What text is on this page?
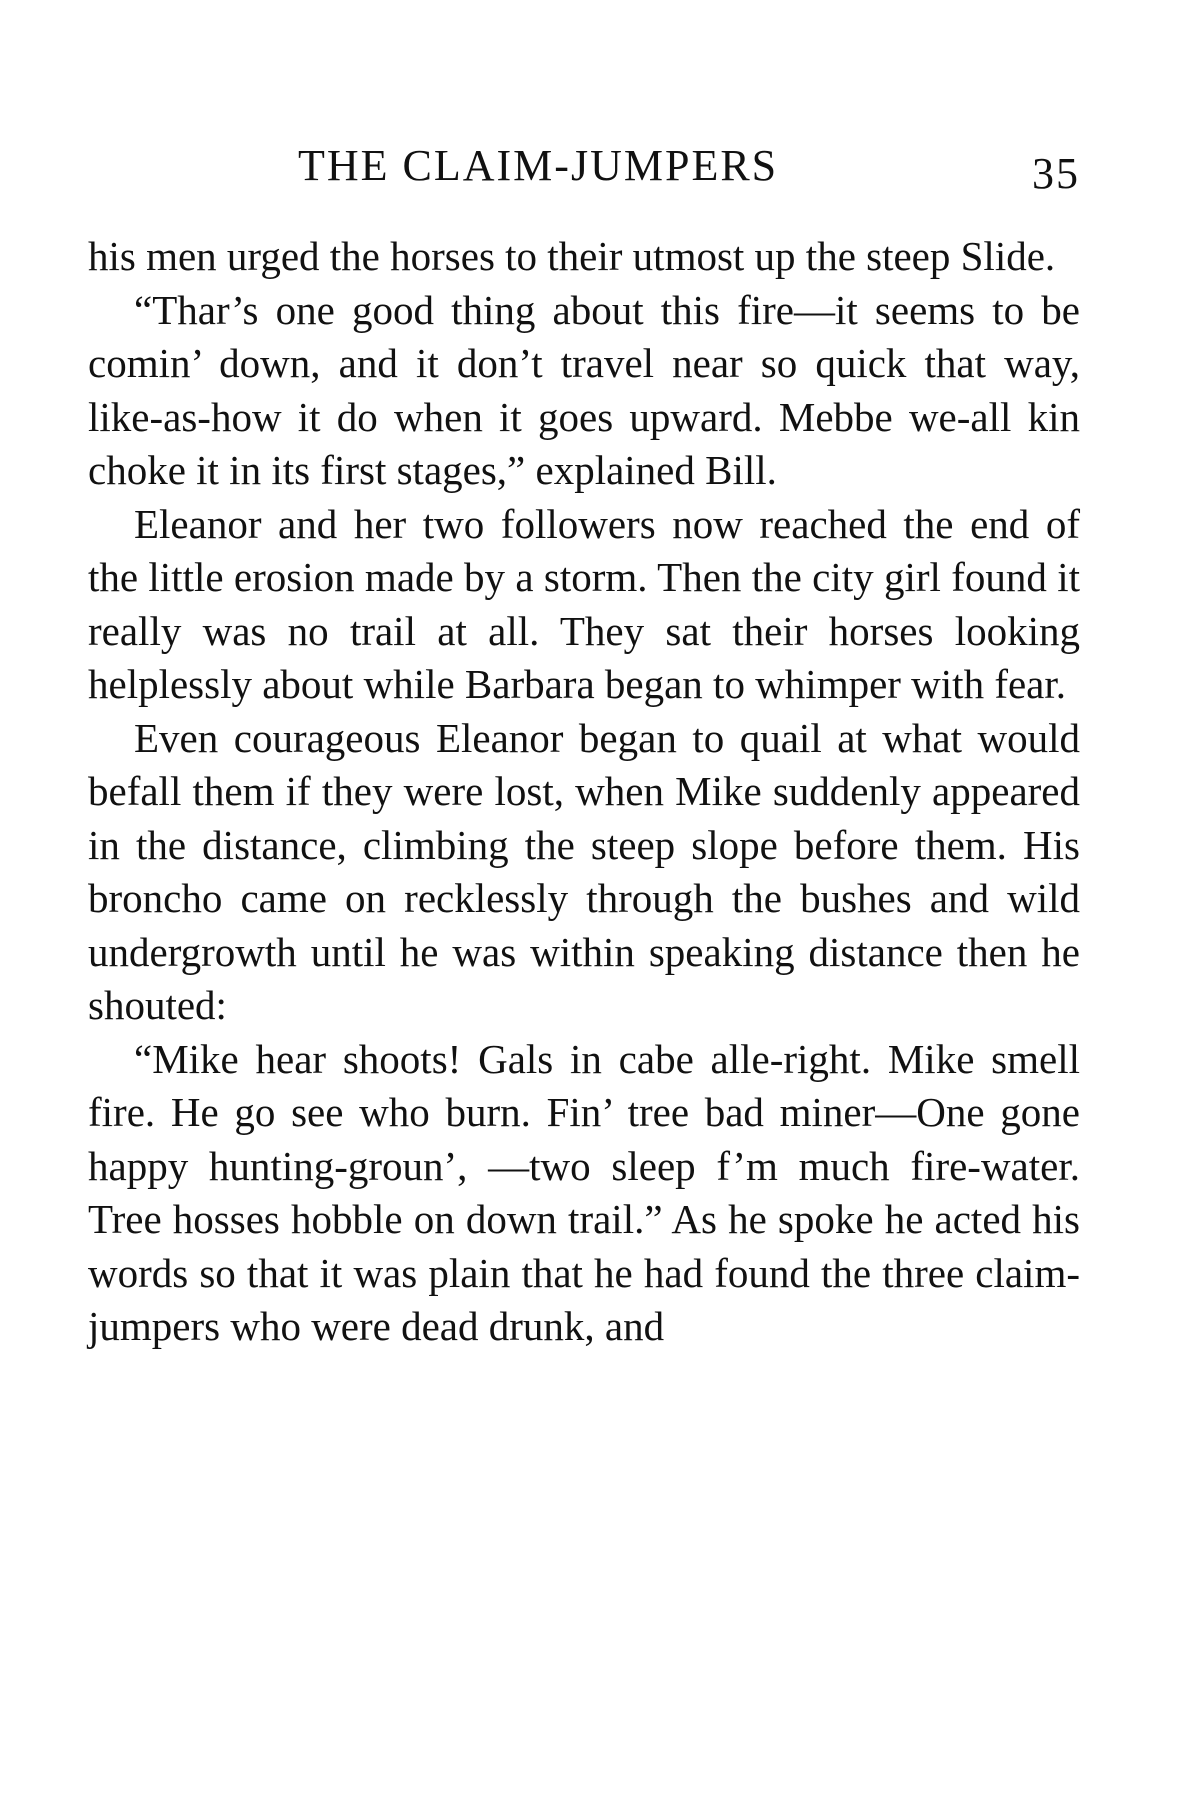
THE CLAIM-JUMPERS	35

his men urged the horses to their utmost up the steep Slide.

“Thar’s one good thing about this fire—it seems to be comin’ down, and it don’t travel near so quick that way, like-as-how it do when it goes upward. Mebbe we-all kin choke it in its first stages,” explained Bill.

Eleanor and her two followers now reached the end of the little erosion made by a storm. Then the city girl found it really was no trail at all. They sat their horses looking helplessly about while Barbara began to whimper with fear.

Even courageous Eleanor began to quail at what would befall them if they were lost, when Mike suddenly appeared in the distance, climbing the steep slope before them. His broncho came on recklessly through the bushes and wild undergrowth until he was within speaking distance then he shouted:

“Mike hear shoots! Gals in cabe alle-right. Mike smell fire. He go see who burn. Fin’ tree bad miner—One gone happy hunting-groun’, —two sleep f’m much fire-water. Tree hosses hobble on down trail.” As he spoke he acted his words so that it was plain that he had found the three claim-jumpers who were dead drunk, and
